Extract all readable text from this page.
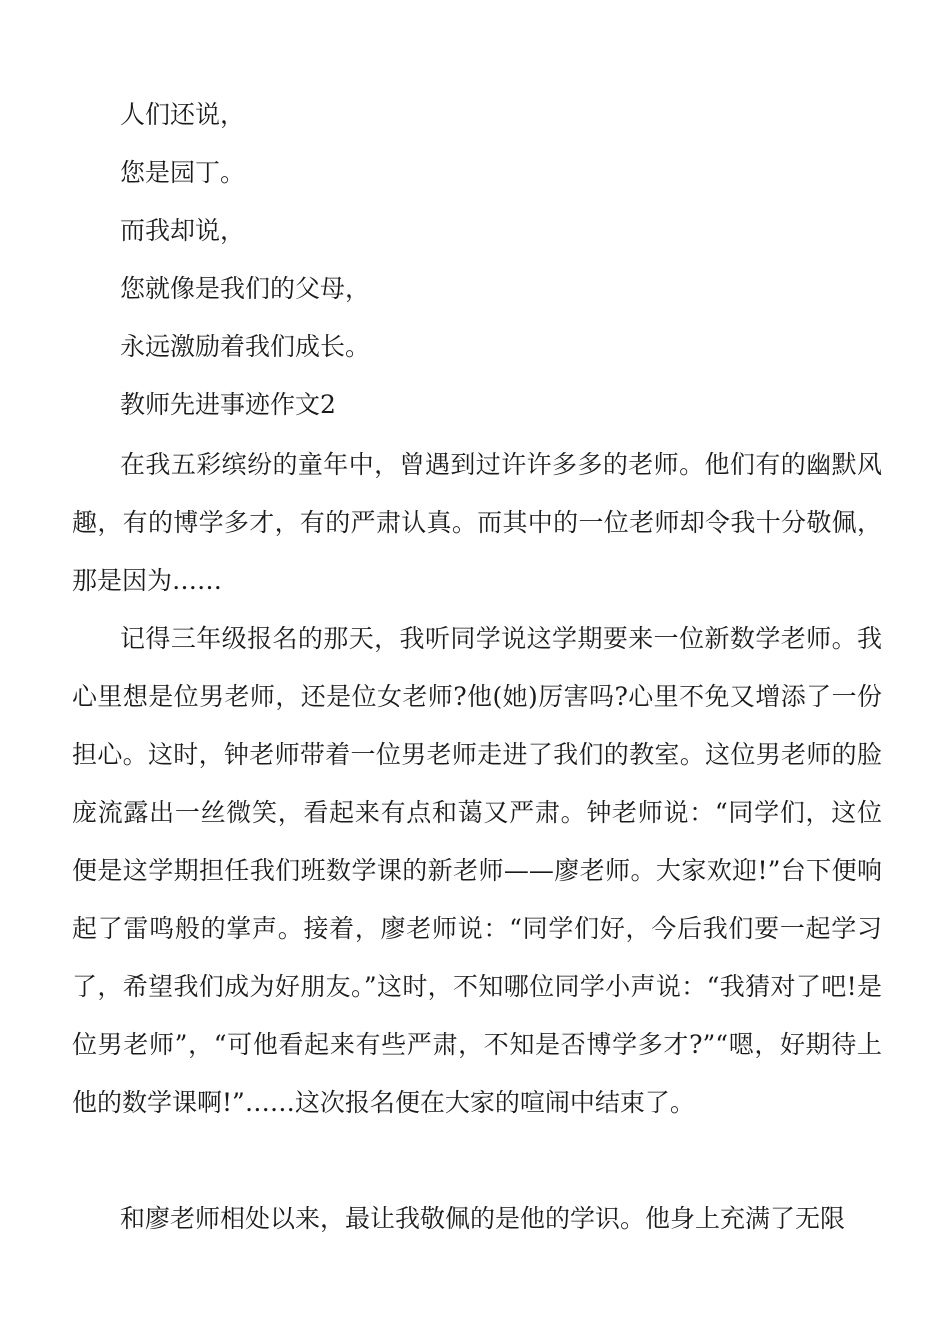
人们还说，

您是园丁。

而我却说，

您就像是我们的父母，

永远激励着我们成长。

教师先进事迹作文2

在我五彩缤纷的童年中，曾遇到过许许多多的老师。他们有的幽默风趣，有的博学多才，有的严肃认真。而其中的一位老师却令我十分敬佩，那是因为……

记得三年级报名的那天，我听同学说这学期要来一位新数学老师。我心里想是位男老师，还是位女老师?他(她)厉害吗?心里不免又增添了一份担心。这时，钟老师带着一位男老师走进了我们的教室。这位男老师的脸庞流露出一丝微笑，看起来有点和蔼又严肃。钟老师说：“同学们，这位便是这学期担任我们班数学课的新老师——廖老师。大家欢迎!”台下便响起了雷鸣般的掌声。接着，廖老师说：“同学们好，今后我们要一起学习了，希望我们成为好朋友。”这时，不知哪位同学小声说：“我猜对了吧!是位男老师”，“可他看起来有些严肃，不知是否博学多才?”“嗯，好期待上他的数学课啊!”……这次报名便在大家的喧闹中结束了。

和廖老师相处以来，最让我敬佩的是他的学识。他身上充满了无限
